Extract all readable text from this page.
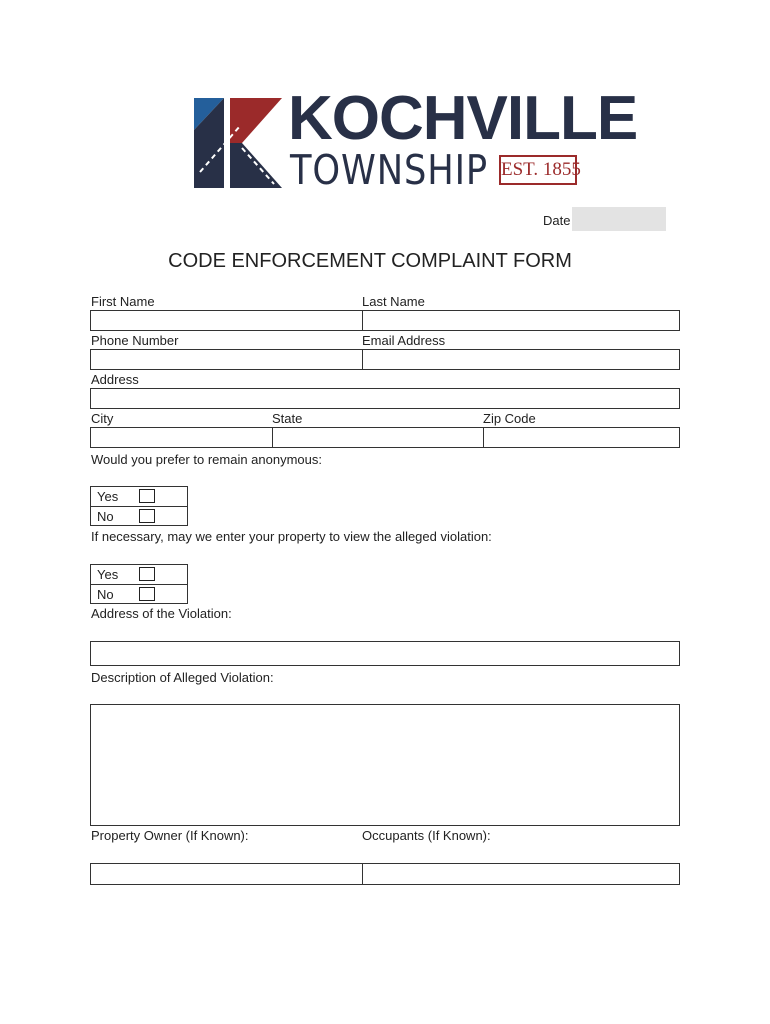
KOCHVILLE
TOWNSHIP EST. 1855
Date
CODE ENFORCEMENT COMPLAINT FORM
First Name	Last Name
Phone Number	Email Address
Address
City	State	Zip Code
Would you prefer to remain anonymous:
Yes
No
If necessary, may we enter your property to view the alleged violation:
Yes
No
Address of the Violation:
Description of Alleged Violation:
Property Owner (If Known):	Occupants (If Known):
